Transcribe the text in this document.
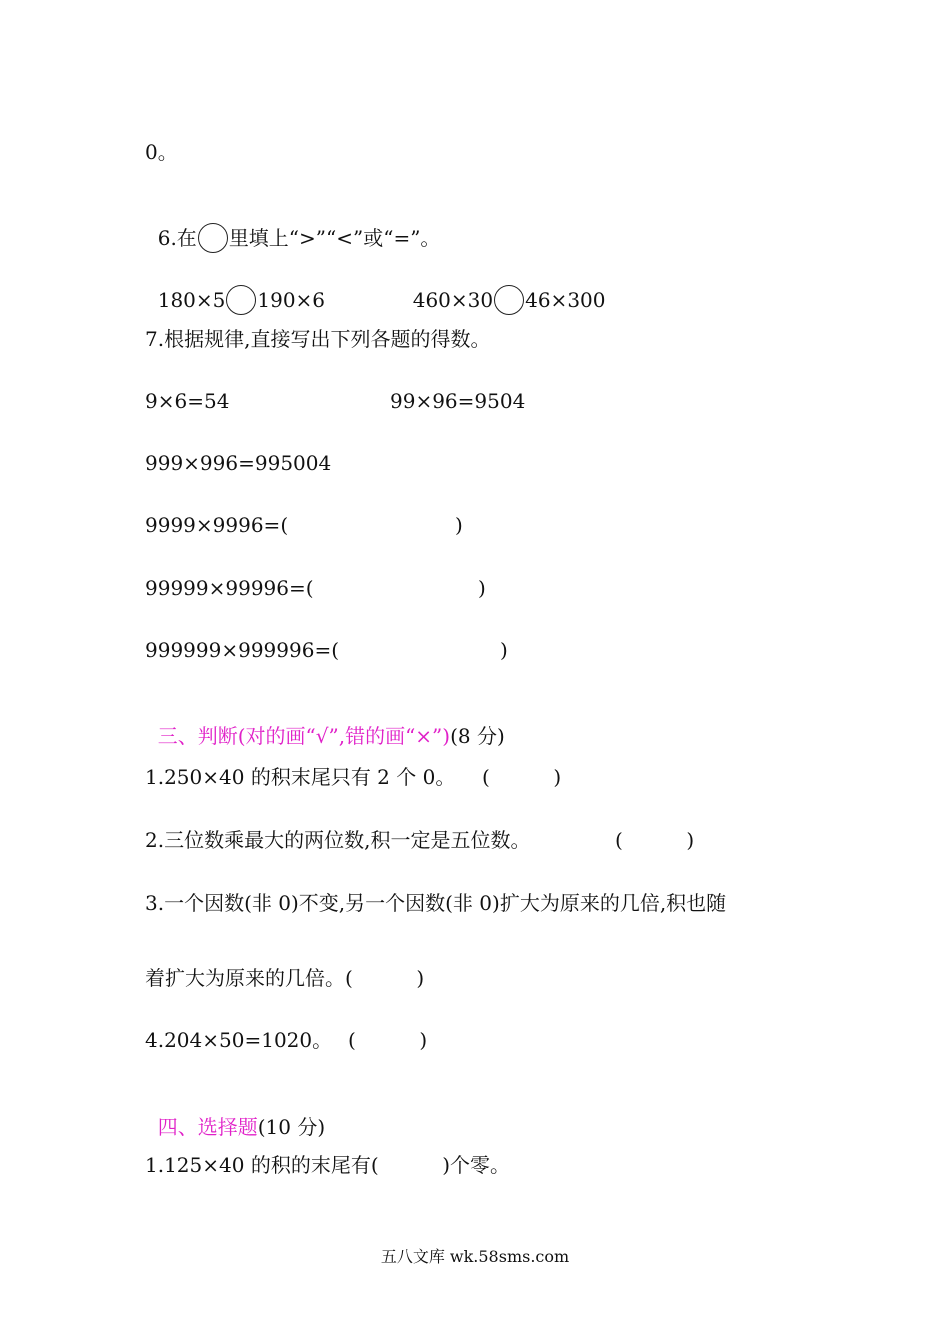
0。

6.在 里填上“>”“<”或“=”。

180×5 190×6	460×30 46×300

7.根据规律,直接写出下列各题的得数。
9×6=54	99×96=9504
999×996=995004
9999×9996=(	)
99999×99996=(	)
999999×999996=(	)

三、判断(对的画“√”,错的画“×”)(8 分)

1.250×40 的积末尾只有 2 个 0。 (          )
2.三位数乘最大的两位数,积一定是五位数。	(          )
3.一个因数(非 0)不变,另一个因数(非 0)扩大为原来的几倍,积也随
着扩大为原来的几倍。(          )
4.204×50=1020。 (          )

四、选择题(10 分)

1.125×40 的积的末尾有(          )个零。
五八文库 wk.58sms.com
